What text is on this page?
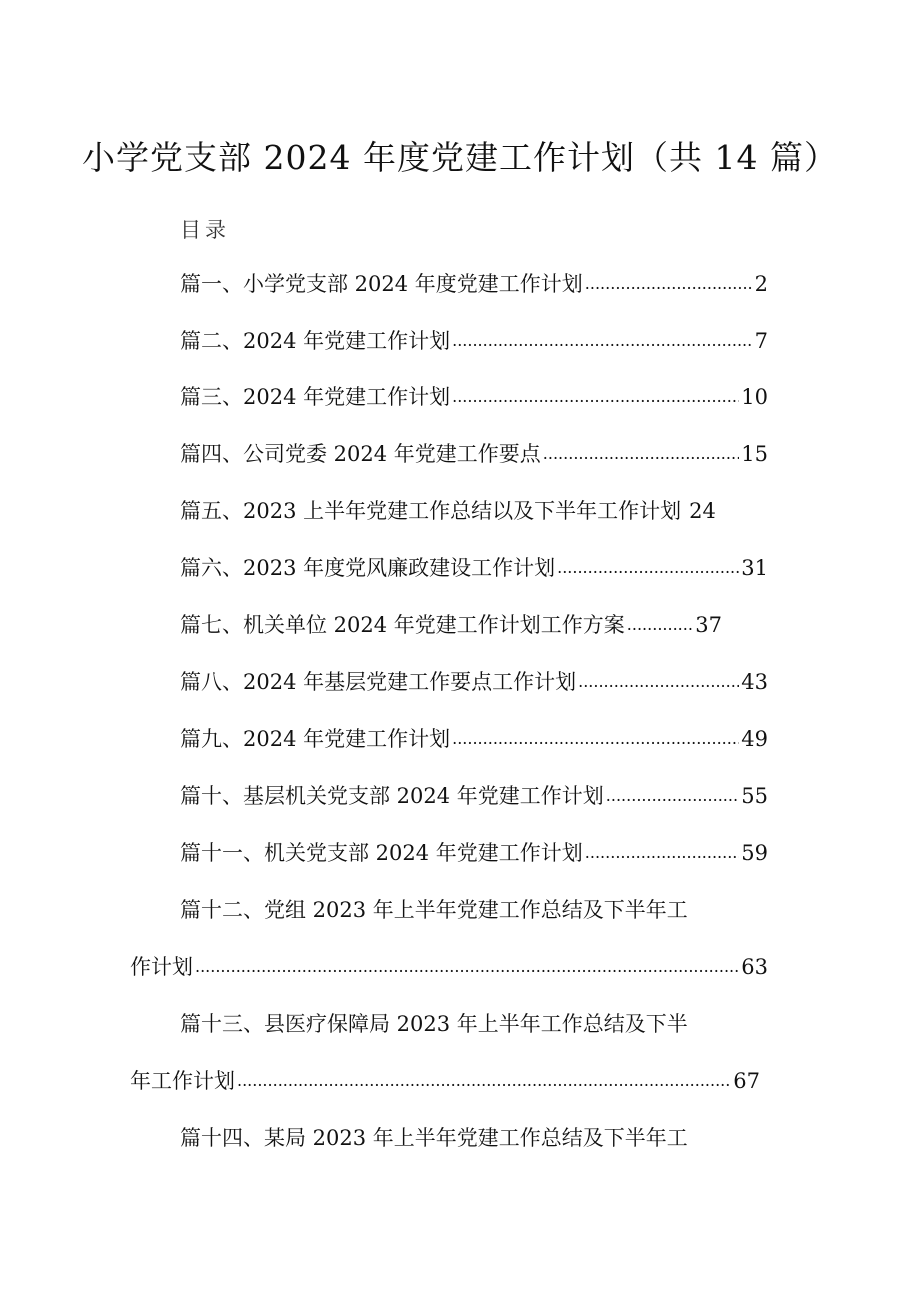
小学党支部 2024 年度党建工作计划（共 14 篇）
目录
篇一、小学党支部 2024 年度党建工作计划 .....	2
篇二、2024 年党建工作计划 .....	7
篇三、2024 年党建工作计划 .....	10
篇四、公司党委 2024 年党建工作要点 .....	15
篇五、2023 上半年党建工作总结以及下半年工作计划 24
篇六、2023 年度党风廉政建设工作计划 .....	31
篇七、机关单位 2024 年党建工作计划工作方案 .....	37
篇八、2024 年基层党建工作要点工作计划 .....	43
篇九、2024 年党建工作计划 .....	49
篇十、基层机关党支部 2024 年党建工作计划 .....	55
篇十一、机关党支部 2024 年党建工作计划 .....	59
篇十二、党组 2023 年上半年党建工作总结及下半年工
作计划 .....	63
篇十三、县医疗保障局 2023 年上半年工作总结及下半
年工作计划 .....	67
篇十四、某局 2023 年上半年党建工作总结及下半年工
